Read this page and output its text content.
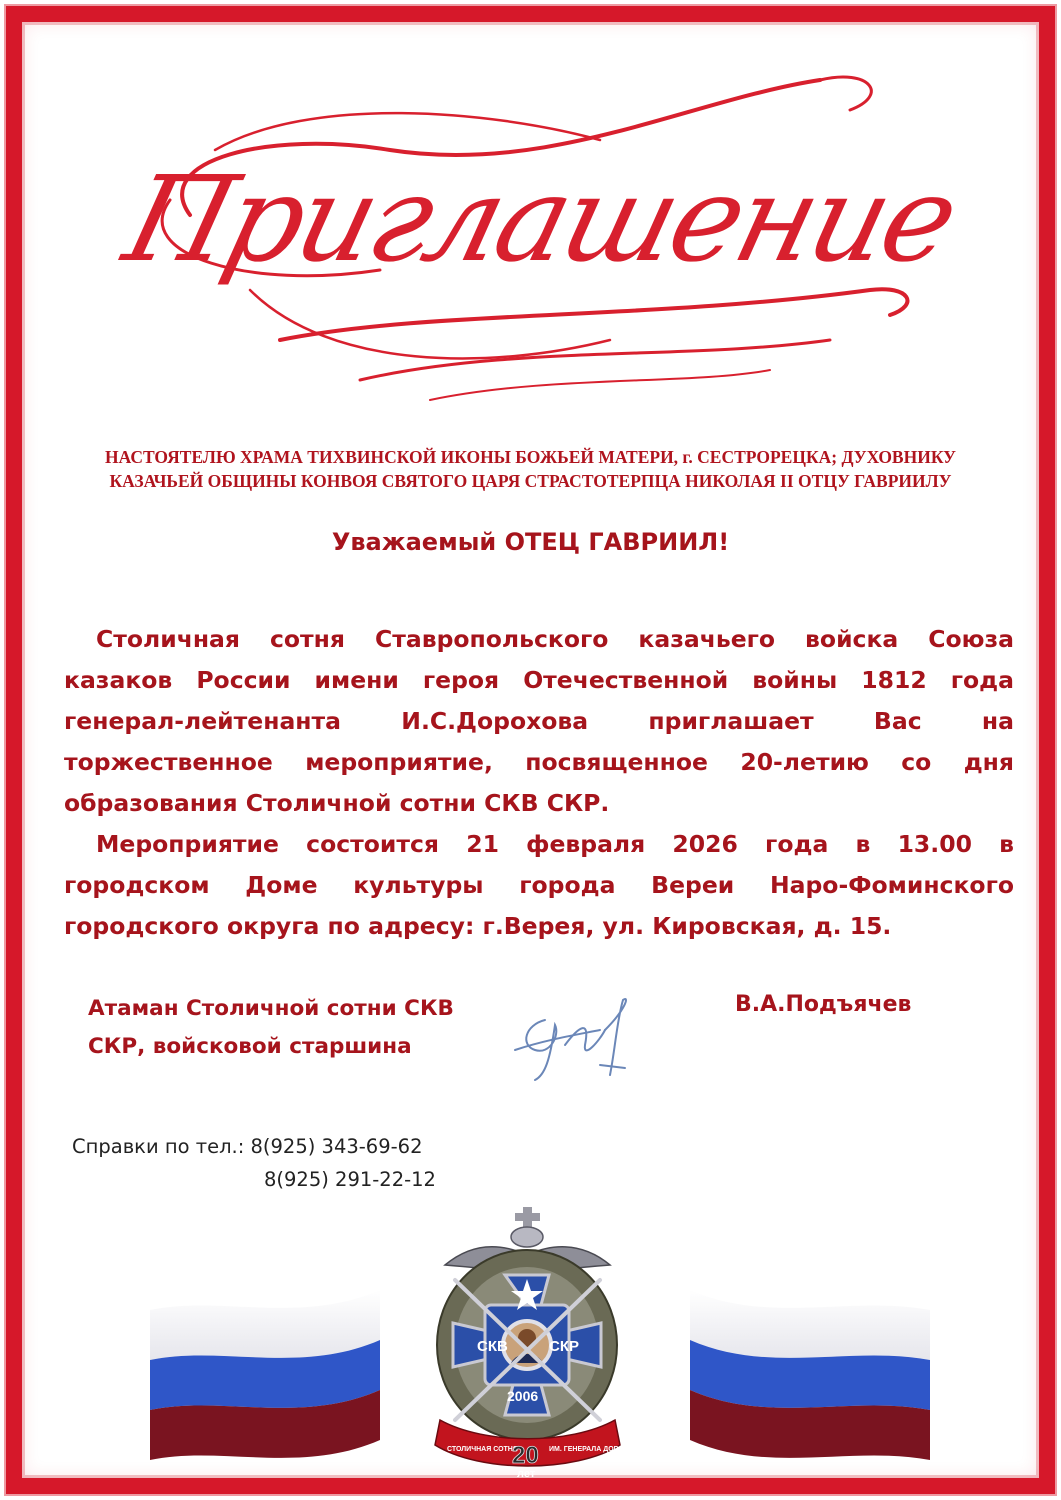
Приглашение
НАСТОЯТЕЛЮ ХРАМА ТИХВИНСКОЙ ИКОНЫ БОЖЬЕЙ МАТЕРИ, г. СЕСТРОРЕЦКА; ДУХОВНИКУ
КАЗАЧЬЕЙ ОБЩИНЫ КОНВОЯ СВЯТОГО ЦАРЯ СТРАСТОТЕРПЦА НИКОЛАЯ II ОТЦУ ГАВРИИЛУ
Уважаемый ОТЕЦ ГАВРИИЛ!

Столичная сотня Ставропольского казачьего войска Союза казаков России имени героя Отечественной войны 1812 года генерал-лейтенанта И.С.Дорохова приглашает Вас на торжественное мероприятие, посвященное 20-летию со дня образования Столичной сотни СКВ СКР.

Мероприятие состоится 21 февраля 2026 года в 13.00 в городском Доме культуры города Вереи Наро-Фоминского городского округа по адресу: г.Верея, ул. Кировская, д. 15.

Атаман Столичной сотни СКВ
СКР, войсковой старшина
В.А.Подъячев
Справки по тел.: 8(925) 343-69-62
8(925) 291-22-12
СКВ	СКР
2006
СТОЛИЧНАЯ СОТНЯ	ИМ. ГЕНЕРАЛА ДОРОХОВА
20
лет
